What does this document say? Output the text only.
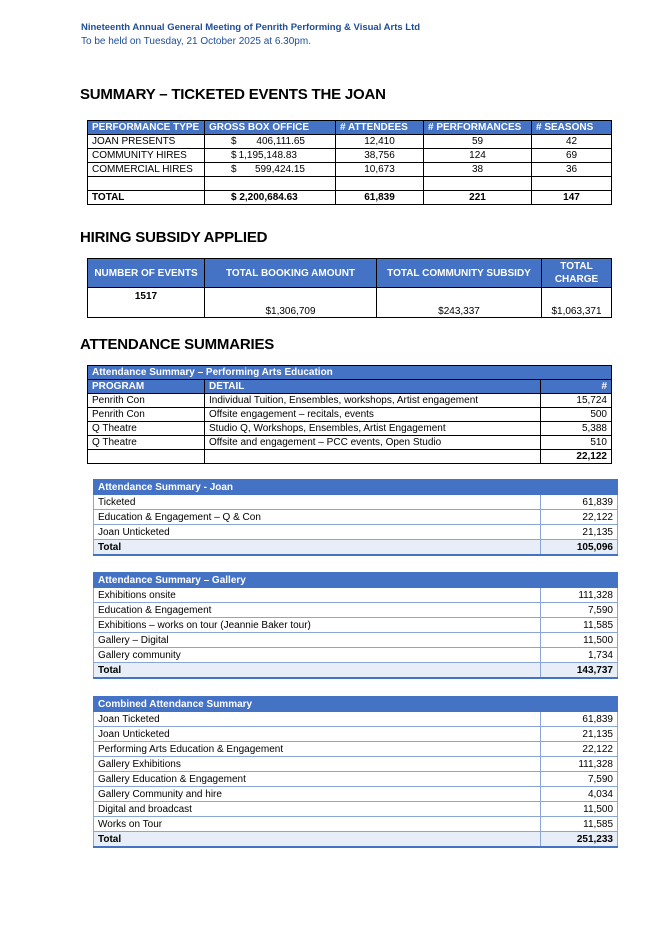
Nineteenth Annual General Meeting of Penrith Performing & Visual Arts Ltd
To be held on Tuesday, 21 October 2025 at 6.30pm.
SUMMARY – TICKETED EVENTS THE JOAN
PERFORMANCE TYPE	GROSS BOX OFFICE	# ATTENDEES	# PERFORMANCES	# SEASONS
JOAN PRESENTS	$ 406,111.65	12,410	59	42
COMMUNITY HIRES	$ 1,195,148.83	38,756	124	69
COMMERCIAL HIRES	$ 599,424.15	10,673	38	36

TOTAL	$ 2,200,684.63	61,839	221	147
HIRING SUBSIDY APPLIED
NUMBER OF EVENTS	TOTAL BOOKING AMOUNT	TOTAL COMMUNITY SUBSIDY	TOTAL CHARGE
1517	$1,306,709	$243,337	$1,063,371
ATTENDANCE SUMMARIES
Attendance Summary – Performing Arts Education		
PROGRAM	DETAIL	#
Penrith Con	Individual Tuition, Ensembles, workshops, Artist engagement	15,724
Penrith Con	Offsite engagement – recitals, events	500
Q Theatre	Studio Q, Workshops, Ensembles, Artist Engagement	5,388
Q Theatre	Offsite and engagement – PCC events, Open Studio	510
		22,122
Attendance Summary - Joan	
Ticketed	61,839
Education & Engagement – Q & Con	22,122
Joan Unticketed	21,135
Total	105,096
Attendance Summary – Gallery	
Exhibitions onsite	111,328
Education & Engagement	7,590
Exhibitions – works on tour (Jeannie Baker tour)	11,585
Gallery – Digital	11,500
Gallery community	1,734
Total	143,737
Combined Attendance Summary	
Joan Ticketed	61,839
Joan Unticketed	21,135
Performing Arts Education & Engagement	22,122
Gallery Exhibitions	111,328
Gallery Education & Engagement	7,590
Gallery Community and hire	4,034
Digital and broadcast	11,500
Works on Tour	11,585
Total	251,233
